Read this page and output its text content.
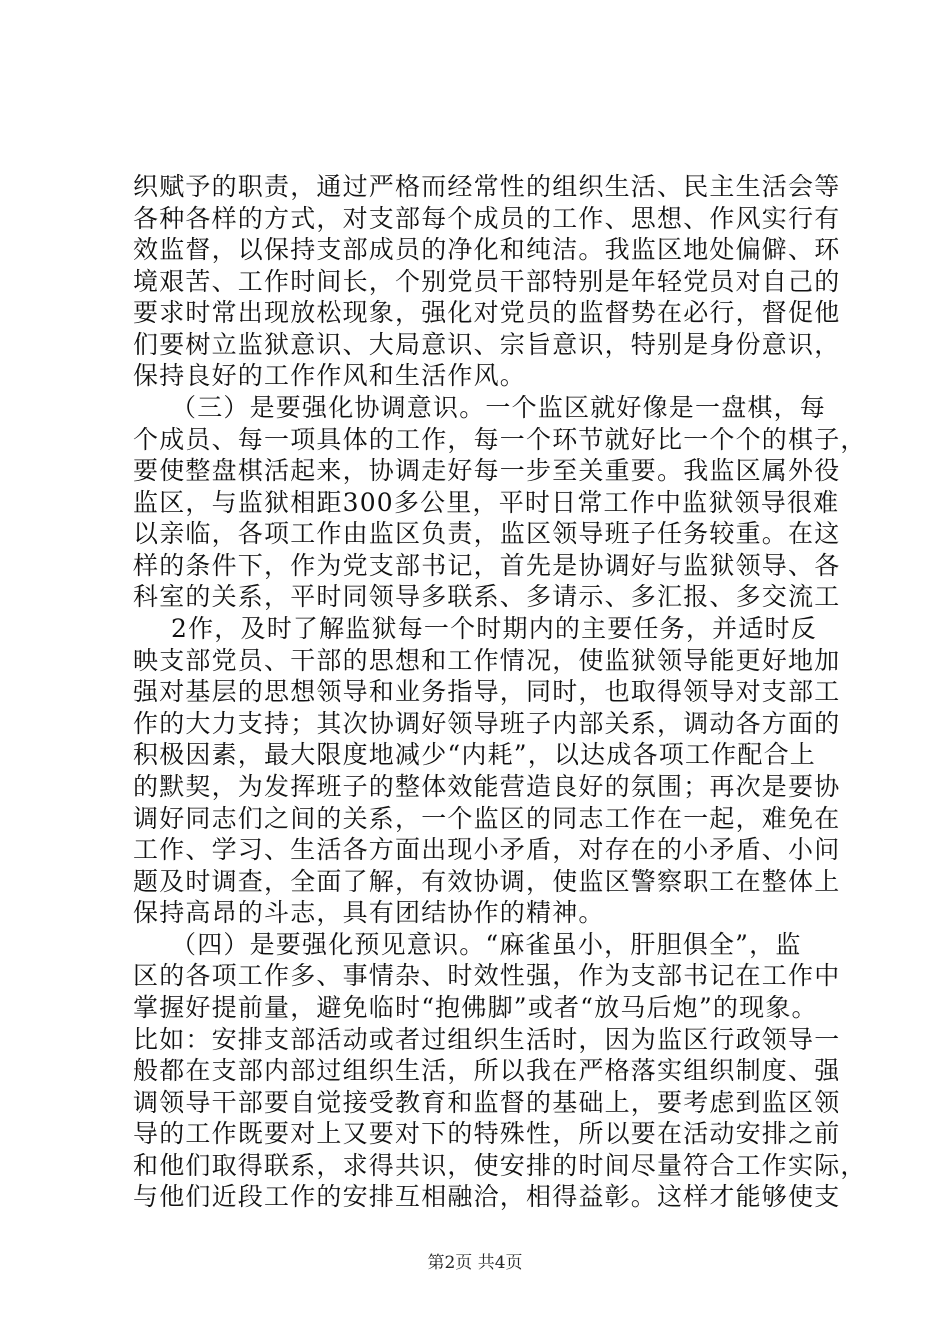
织赋予的职责，通过严格而经常性的组织生活、民主生活会等
各种各样的方式，对支部每个成员的工作、思想、作风实行有
效监督，以保持支部成员的净化和纯洁。我监区地处偏僻、环
境艰苦、工作时间长，个别党员干部特别是年轻党员对自己的
要求时常出现放松现象，强化对党员的监督势在必行，督促他
们要树立监狱意识、大局意识、宗旨意识，特别是身份意识，
保持良好的工作作风和生活作风。
（三）是要强化协调意识。一个监区就好像是一盘棋，每
个成员、每一项具体的工作，每一个环节就好比一个个的棋子，
要使整盘棋活起来，协调走好每一步至关重要。我监区属外役
监区，与监狱相距300多公里，平时日常工作中监狱领导很难
以亲临，各项工作由监区负责，监区领导班子任务较重。在这
样的条件下，作为党支部书记，首先是协调好与监狱领导、各
科室的关系，平时同领导多联系、多请示、多汇报、多交流工
2作，及时了解监狱每一个时期内的主要任务，并适时反
映支部党员、干部的思想和工作情况，使监狱领导能更好地加
强对基层的思想领导和业务指导，同时，也取得领导对支部工
作的大力支持；其次协调好领导班子内部关系，调动各方面的
积极因素，最大限度地减少“内耗”，以达成各项工作配合上
的默契，为发挥班子的整体效能营造良好的氛围；再次是要协
调好同志们之间的关系，一个监区的同志工作在一起，难免在
工作、学习、生活各方面出现小矛盾，对存在的小矛盾、小问
题及时调查，全面了解，有效协调，使监区警察职工在整体上
保持高昂的斗志，具有团结协作的精神。
（四）是要强化预见意识。“麻雀虽小，肝胆俱全”，监
区的各项工作多、事情杂、时效性强，作为支部书记在工作中
掌握好提前量，避免临时“抱佛脚”或者“放马后炮”的现象。
比如：安排支部活动或者过组织生活时，因为监区行政领导一
般都在支部内部过组织生活，所以我在严格落实组织制度、强
调领导干部要自觉接受教育和监督的基础上，要考虑到监区领
导的工作既要对上又要对下的特殊性，所以要在活动安排之前
和他们取得联系，求得共识，使安排的时间尽量符合工作实际，
与他们近段工作的安排互相融洽，相得益彰。这样才能够使支
第2页 共4页
